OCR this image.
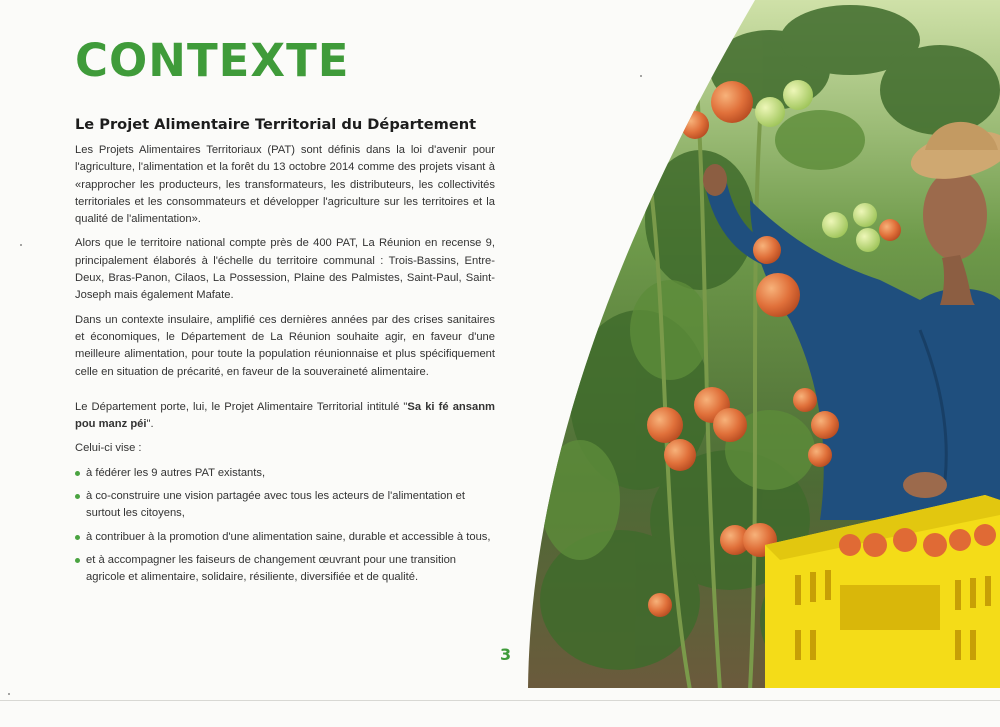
CONTEXTE
Le Projet Alimentaire Territorial du Département

Les Projets Alimentaires Territoriaux (PAT) sont définis dans la loi d'avenir pour l'agriculture, l'alimentation et la forêt du 13 octobre 2014 comme des projets visant à «rapprocher les producteurs, les transformateurs, les distributeurs, les collectivités territoriales et les consommateurs et développer l'agriculture sur les territoires et la qualité de l'alimentation».

Alors que le territoire national compte près de 400 PAT, La Réunion en recense 9, principalement élaborés à l'échelle du territoire communal : Trois-Bassins, Entre-Deux, Bras-Panon, Cilaos, La Possession, Plaine des Palmistes, Saint-Paul, Saint-Joseph mais également Mafate.

Dans un contexte insulaire, amplifié ces dernières années par des crises sanitaires et économiques, le Département de La Réunion souhaite agir, en faveur d'une meilleure alimentation, pour toute la population réunionnaise et plus spécifiquement celle en situation de précarité, en faveur de la souveraineté alimentaire.

Le Département porte, lui, le Projet Alimentaire Territorial intitulé "Sa ki fé ansanm pou manz péi".

Celui-ci vise :

à fédérer les 9 autres PAT existants,
à co-construire une vision partagée avec tous les acteurs de l'alimentation et surtout les citoyens,
à contribuer à la promotion d'une alimentation saine, durable et accessible à tous,
et à accompagner les faiseurs de changement œuvrant pour une transition agricole et alimentaire, solidaire, résiliente, diversifiée et de qualité.
3
